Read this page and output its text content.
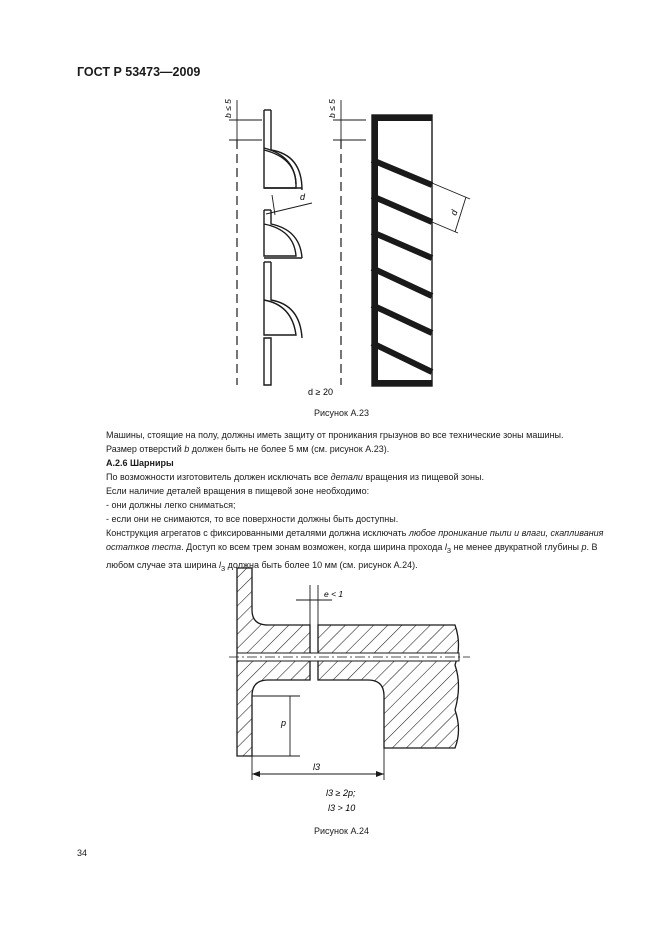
ГОСТ Р 53473—2009
b ≤ 5
d
b ≤ 5
d
d ≥ 20
Рисунок А.23

Машины, стоящие на полу, должны иметь защиту от проникания грызунов во все технические зоны машины.

Размер отверстий b должен быть не более 5 мм (см. рисунок А.23).

А.2.6 Шарниры

По возможности изготовитель должен исключать все детали вращения из пищевой зоны.

Если наличие деталей вращения в пищевой зоне необходимо:

- они должны легко сниматься;

- если они не снимаются, то все поверхности должны быть доступны.

Конструкция агрегатов с фиксированными деталями должна исключать любое проникание пыли и влаги, скапливания остатков теста. Доступ ко всем трем зонам возможен, когда ширина прохода $l_3$ не менее двукратной глубины p. В любом случае эта ширина $l_3$ должна быть более 10 мм (см. рисунок А.24).

e < 1
p
l3
l3 ≥ 2p;
l3 > 10
Рисунок А.24
34
